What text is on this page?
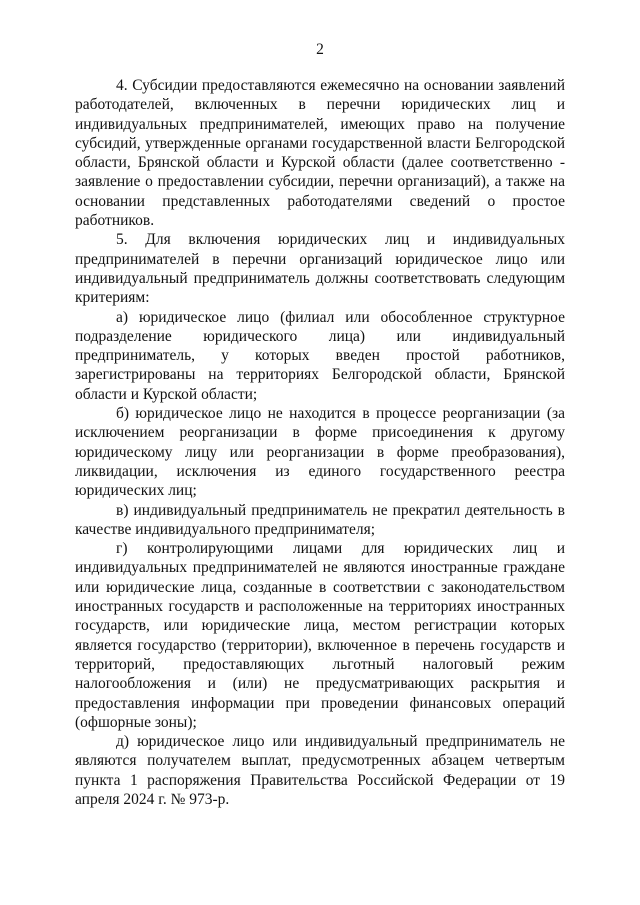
2

4. Субсидии предоставляются ежемесячно на основании заявлений работодателей, включенных в перечни юридических лиц и индивидуальных предпринимателей, имеющих право на получение субсидий, утвержденные органами государственной власти Белгородской области, Брянской области и Курской области (далее соответственно - заявление о предоставлении субсидии, перечни организаций), а также на основании представленных работодателями сведений о простое работников.

5. Для включения юридических лиц и индивидуальных предпринимателей в перечни организаций юридическое лицо или индивидуальный предприниматель должны соответствовать следующим критериям:

а) юридическое лицо (филиал или обособленное структурное подразделение юридического лица) или индивидуальный предприниматель, у которых введен простой работников, зарегистрированы на территориях Белгородской области, Брянской области и Курской области;

б) юридическое лицо не находится в процессе реорганизации (за исключением реорганизации в форме присоединения к другому юридическому лицу или реорганизации в форме преобразования), ликвидации, исключения из единого государственного реестра юридических лиц;

в) индивидуальный предприниматель не прекратил деятельность в качестве индивидуального предпринимателя;

г) контролирующими лицами для юридических лиц и индивидуальных предпринимателей не являются иностранные граждане или юридические лица, созданные в соответствии с законодательством иностранных государств и расположенные на территориях иностранных государств, или юридические лица, местом регистрации которых является государство (территории), включенное в перечень государств и территорий, предоставляющих льготный налоговый режим налогообложения и (или) не предусматривающих раскрытия и предоставления информации при проведении финансовых операций (офшорные зоны);

д) юридическое лицо или индивидуальный предприниматель не являются получателем выплат, предусмотренных абзацем четвертым пункта 1 распоряжения Правительства Российской Федерации от 19 апреля 2024 г. № 973-р.
